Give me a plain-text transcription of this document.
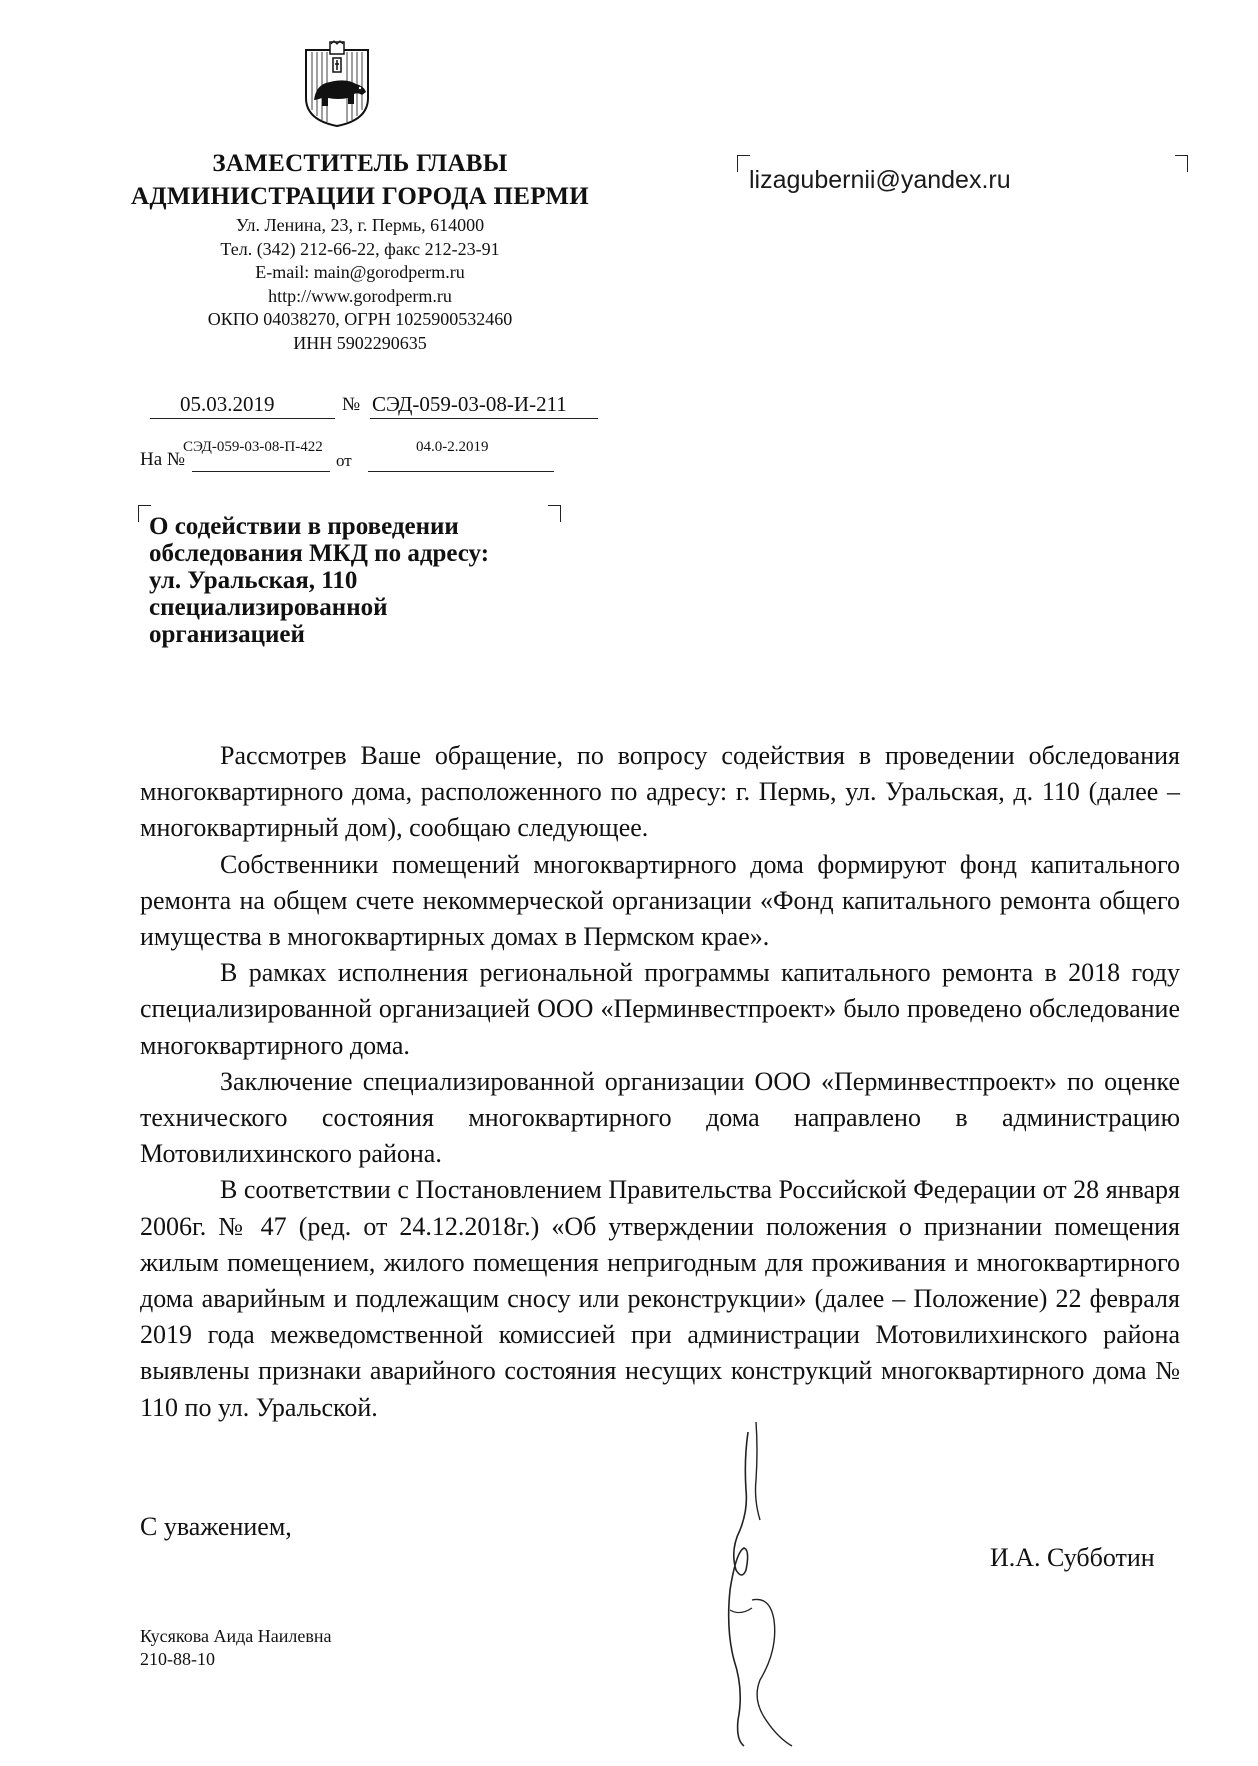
ЗАМЕСТИТЕЛЬ ГЛАВЫ
АДМИНИСТРАЦИИ ГОРОДА ПЕРМИ
Ул. Ленина, 23, г. Пермь, 614000
Тел. (342) 212-66-22, факс 212-23-91
E-mail: main@gorodperm.ru
http://www.gorodperm.ru
ОКПО 04038270, ОГРН 1025900532460
ИНН 5902290635
05.03.2019	№ СЭД-059-03-08-И-211
На №
СЭД-059-03-08-П-422
от
04.0-2.2019
lizagubernii@yandex.ru
О содействии в проведении
обследования МКД по адресу:
ул. Уральская, 110
специализированной
организацией

Рассмотрев Ваше обращение, по вопросу содействия в проведении обследования многоквартирного дома, расположенного по адресу: г. Пермь, ул. Уральская, д. 110 (далее – многоквартирный дом), сообщаю следующее.

Собственники помещений многоквартирного дома формируют фонд капитального ремонта на общем счете некоммерческой организации «Фонд капитального ремонта общего имущества в многоквартирных домах в Пермском крае».

В рамках исполнения региональной программы капитального ремонта в 2018 году специализированной организацией ООО «Перминвестпроект» было проведено обследование многоквартирного дома.

Заключение специализированной организации ООО «Перминвестпроект» по оценке технического состояния многоквартирного дома направлено в администрацию Мотовилихинского района.

В соответствии с Постановлением Правительства Российской Федерации от 28 января 2006г. № 47 (ред. от 24.12.2018г.) «Об утверждении положения о признании помещения жилым помещением, жилого помещения непригодным для проживания и многоквартирного дома аварийным и подлежащим сносу или реконструкции» (далее – Положение) 22 февраля 2019 года межведомственной комиссией при администрации Мотовилихинского района выявлены признаки аварийного состояния несущих конструкций многоквартирного дома № 110 по ул. Уральской.

С уважением,
И.А. Субботин
Кусякова Аида Наилевна
210-88-10
